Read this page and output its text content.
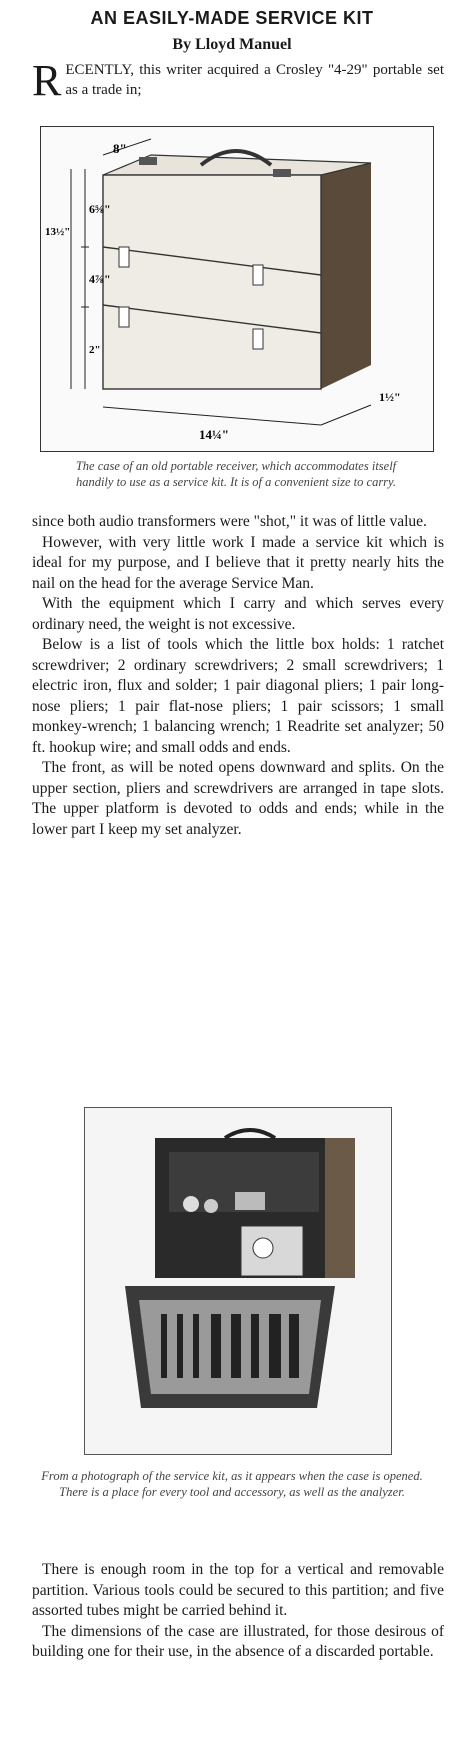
AN EASILY-MADE SERVICE KIT
By Lloyd Manuel
R ECENTLY, this writer acquired a Crosley "4-29" portable set as a trade in;
8"
6⅝"
13½"
4⅞"
2"
14¼"
1½"
The case of an old portable receiver, which accommodates itself handily to use as a service kit. It is of a convenient size to carry.

since both audio transformers were "shot," it was of little value.

However, with very little work I made a service kit which is ideal for my purpose, and I believe that it pretty nearly hits the nail on the head for the average Service Man.

With the equipment which I carry and which serves every ordinary need, the weight is not excessive.

Below is a list of tools which the little box holds: 1 ratchet screwdriver; 2 ordinary screwdrivers; 2 small screwdrivers; 1 electric iron, flux and solder; 1 pair diagonal pliers; 1 pair long-nose pliers; 1 pair flat-nose pliers; 1 pair scissors; 1 small monkey-wrench; 1 balancing wrench; 1 Readrite set analyzer; 50 ft. hookup wire; and small odds and ends.

The front, as will be noted opens downward and splits. On the upper section, pliers and screwdrivers are arranged in tape slots. The upper platform is devoted to odds and ends; while in the lower part I keep my set analyzer.

From a photograph of the service kit, as it appears when the case is opened. There is a place for every tool and accessory, as well as the analyzer.

There is enough room in the top for a vertical and removable partition. Various tools could be secured to this partition; and five assorted tubes might be carried behind it.

The dimensions of the case are illustrated, for those desirous of building one for their use, in the absence of a discarded portable.
